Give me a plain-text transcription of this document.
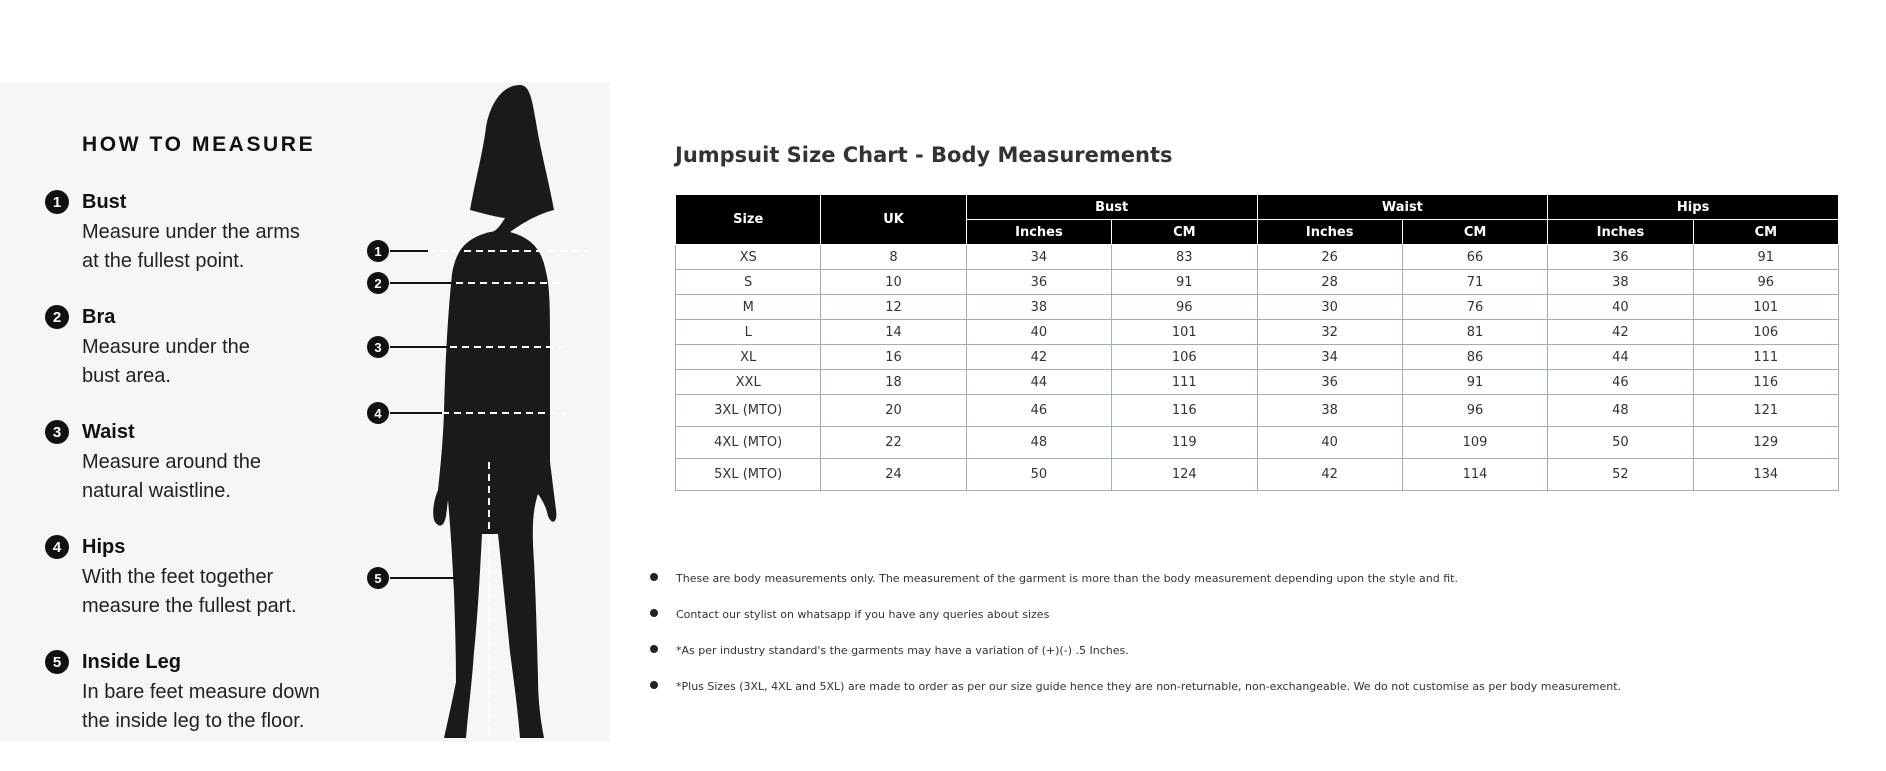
HOW TO MEASURE
1	Bust
Measure under the arms
at the fullest point.
2	Bra
Measure under the
bust area.
3	Waist
Measure around the
natural waistline.
4	Hips
With the feet together
measure the fullest part.
5	Inside Leg
In bare feet measure down
the inside leg to the floor.
1
2
3
4
5
Jumpsuit Size Chart - Body Measurements
Size	UK	Bust		Waist		Hips	
		Inches	CM	Inches	CM	Inches	CM
XS	8	34	83	26	66	36	91
S	10	36	91	28	71	38	96
M	12	38	96	30	76	40	101
L	14	40	101	32	81	42	106
XL	16	42	106	34	86	44	111
XXL	18	44	111	36	91	46	116
3XL (MTO)	20	46	116	38	96	48	121
4XL (MTO)	22	48	119	40	109	50	129
5XL (MTO)	24	50	124	42	114	52	134
These are body measurements only. The measurement of the garment is more than the body measurement depending upon the style and fit.
Contact our stylist on whatsapp if you have any queries about sizes
*As per industry standard's the garments may have a variation of (+)(-) .5 Inches.
*Plus Sizes (3XL, 4XL and 5XL) are made to order as per our size guide hence they are non-returnable, non-exchangeable. We do not customise as per body measurement.
